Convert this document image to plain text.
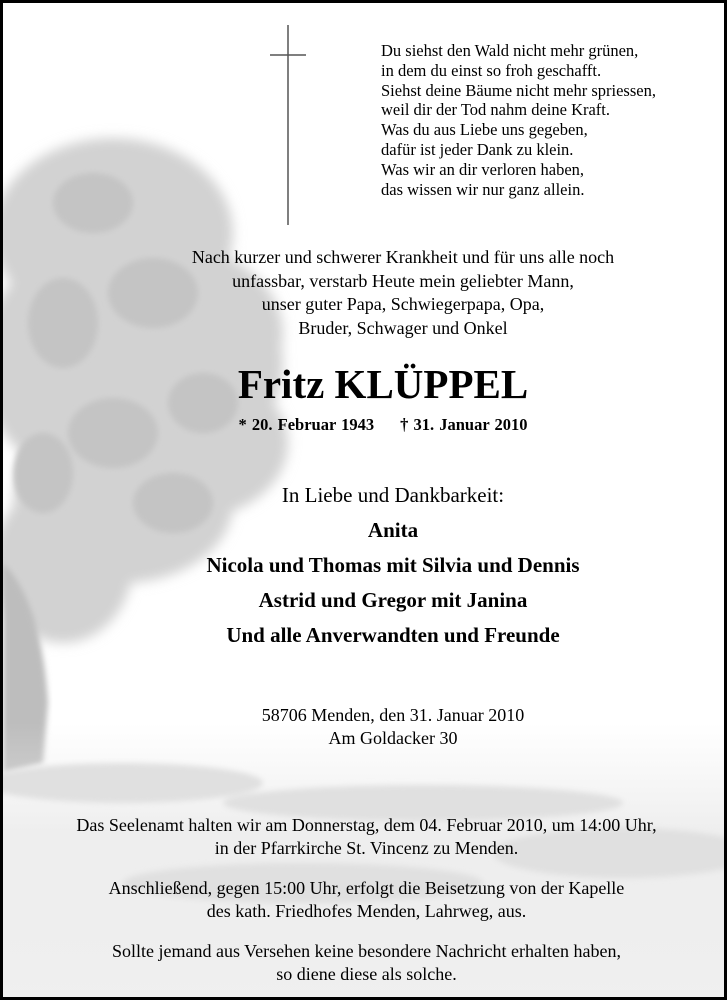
Du siehst den Wald nicht mehr grünen,
in dem du einst so froh geschafft.
Siehst deine Bäume nicht mehr spriessen,
weil dir der Tod nahm deine Kraft.
Was du aus Liebe uns gegeben,
dafür ist jeder Dank zu klein.
Was wir an dir verloren haben,
das wissen wir nur ganz allein.
Nach kurzer und schwerer Krankheit und für uns alle noch
unfassbar, verstarb Heute mein geliebter Mann,
unser guter Papa, Schwiegerpapa, Opa,
Bruder, Schwager und Onkel
Fritz KLÜPPEL
* 20. Februar 1943 † 31. Januar 2010
In Liebe und Dankbarkeit:
Anita
Nicola und Thomas mit Silvia und Dennis
Astrid und Gregor mit Janina
Und alle Anverwandten und Freunde
58706 Menden, den 31. Januar 2010
Am Goldacker 30

Das Seelenamt halten wir am Donnerstag, dem 04. Februar 2010, um 14:00 Uhr,
in der Pfarrkirche St. Vincenz zu Menden.

Anschließend, gegen 15:00 Uhr, erfolgt die Beisetzung von der Kapelle
des kath. Friedhofes Menden, Lahrweg, aus.

Sollte jemand aus Versehen keine besondere Nachricht erhalten haben,
so diene diese als solche.
